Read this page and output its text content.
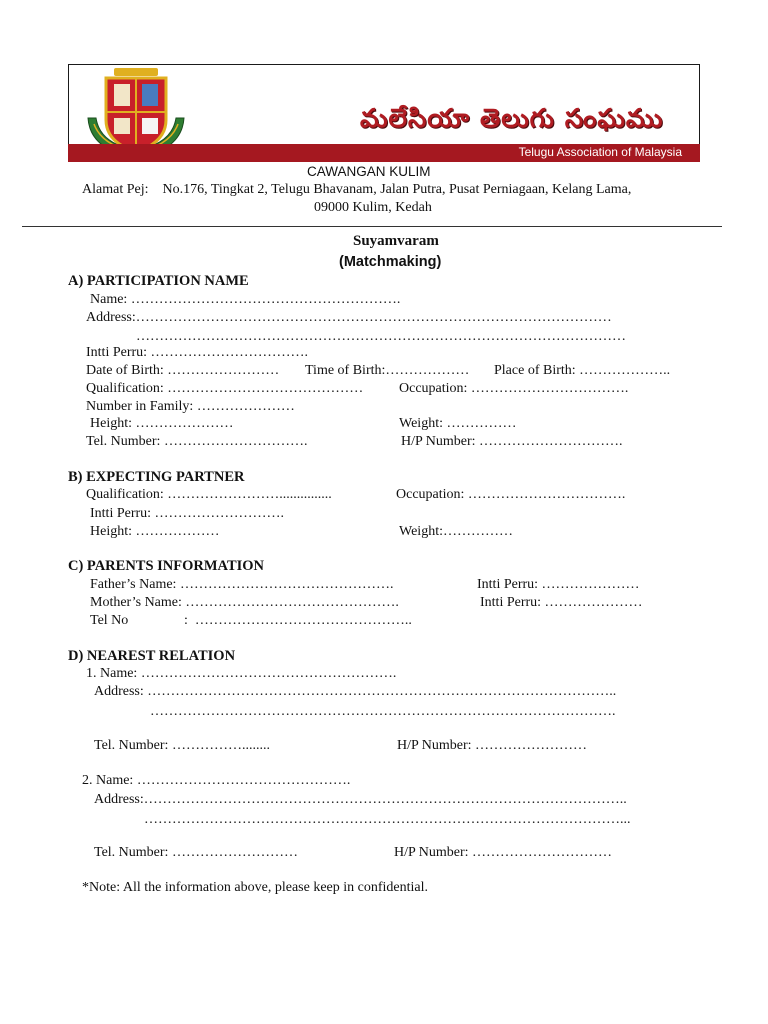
మలేసియా తెలుగు సంఘము
Telugu Association of Malaysia
CAWANGAN KULIM
Alamat Pej:    No.176, Tingkat 2, Telugu Bhavanam, Jalan Putra, Pusat Perniagaan, Kelang Lama,
09000 Kulim, Kedah
Suyamvaram
(Matchmaking)
A) PARTICIPATION NAME
Name: ………………………………………………….
Address:…………………………………………………………………………………………
……………………………………………………………………………………………
Intti Perru: …………………………….
Date of Birth: …………………… Time of Birth:……………… Place of Birth: ………………..
Qualification: ……………………………………	Occupation: …………………………….
Number in Family: …………………
Height: …………………	Weight: ……………
Tel. Number: ………………………….	H/P Number: ………………………….
B) EXPECTING PARTNER
Qualification: ……………………...............	Occupation: …………………………….
Intti Perru: ……………………….
Height: ………………	Weight:……………
C) PARENTS INFORMATION
Father’s Name: ……………………………………….	Intti Perru: …………………
Mother’s Name: ……………………………………….	Intti Perru: …………………
Tel No	:  ………………………………………..
D) NEAREST RELATION
1. Name: ……………………………………………….
Address: ………………………………………………………………………………………..
……………………………………………………………………………………….
Tel. Number: ……………........	H/P Number: ……………………
2. Name: ……………………………………….
Address:…………………………………………………………………………………………..
…………………………………………………………………………………………...
Tel. Number: ………………………	H/P Number: …………………………
*Note: All the information above, please keep in confidential.
